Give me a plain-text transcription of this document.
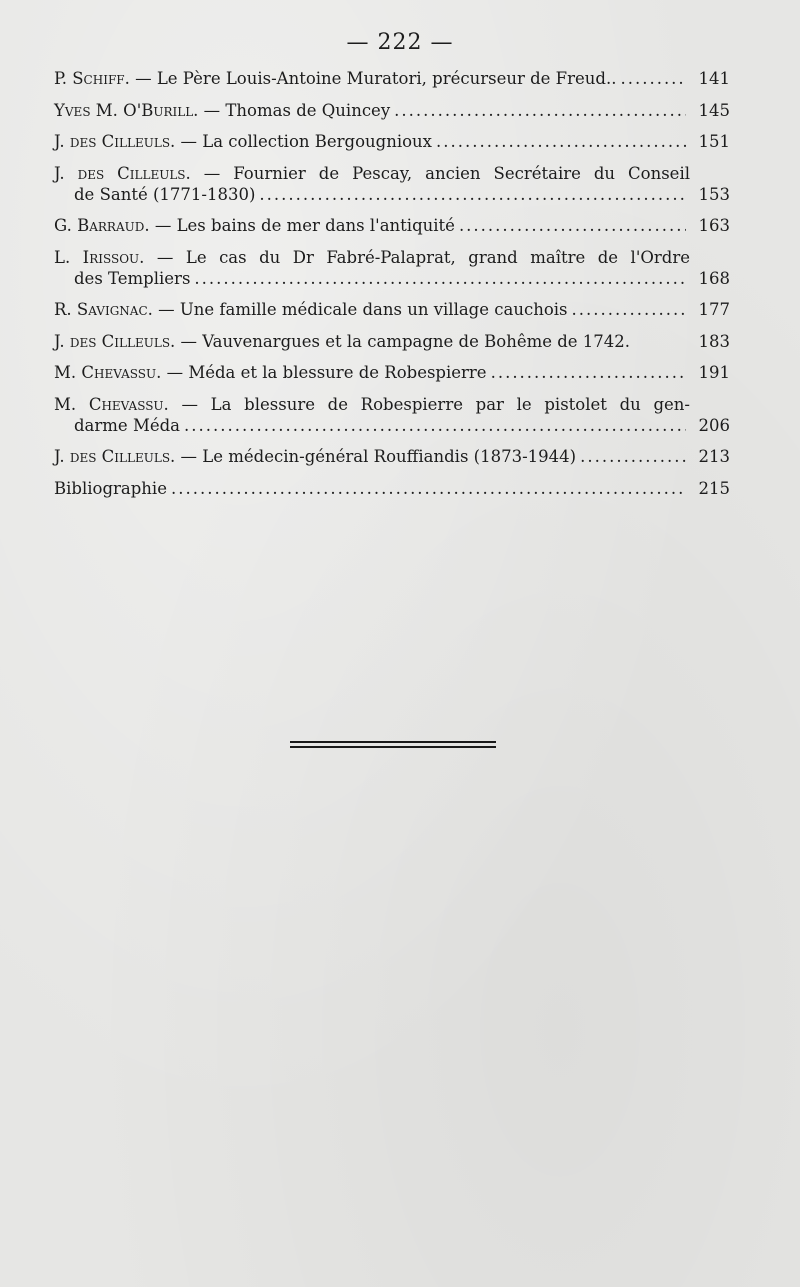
— 222 —
P. Schiff. — Le Père Louis-Antoine Muratori, précurseur de Freud.. .....	141
Yves M. O'Burill. — Thomas de Quincey .....	145
J. des Cilleuls. — La collection Bergougnioux .....	151
J. des Cilleuls. — Fournier de Pescay, ancien Secrétaire du Conseil
de Santé (1771-1830) .....	153
G. Barraud. — Les bains de mer dans l'antiquité .....	163
L. Irissou. — Le cas du Dr Fabré-Palaprat, grand maître de l'Ordre
des Templiers .....	168
R. Savignac. — Une famille médicale dans un village cauchois .....	177
J. des Cilleuls. — Vauvenargues et la campagne de Bohême de 1742.	183
M. Chevassu. — Méda et la blessure de Robespierre .....	191
M. Chevassu. — La blessure de Robespierre par le pistolet du gen-
darme Méda .....	206
J. des Cilleuls. — Le médecin-général Rouffiandis (1873-1944) .....	213
Bibliographie .....	215
